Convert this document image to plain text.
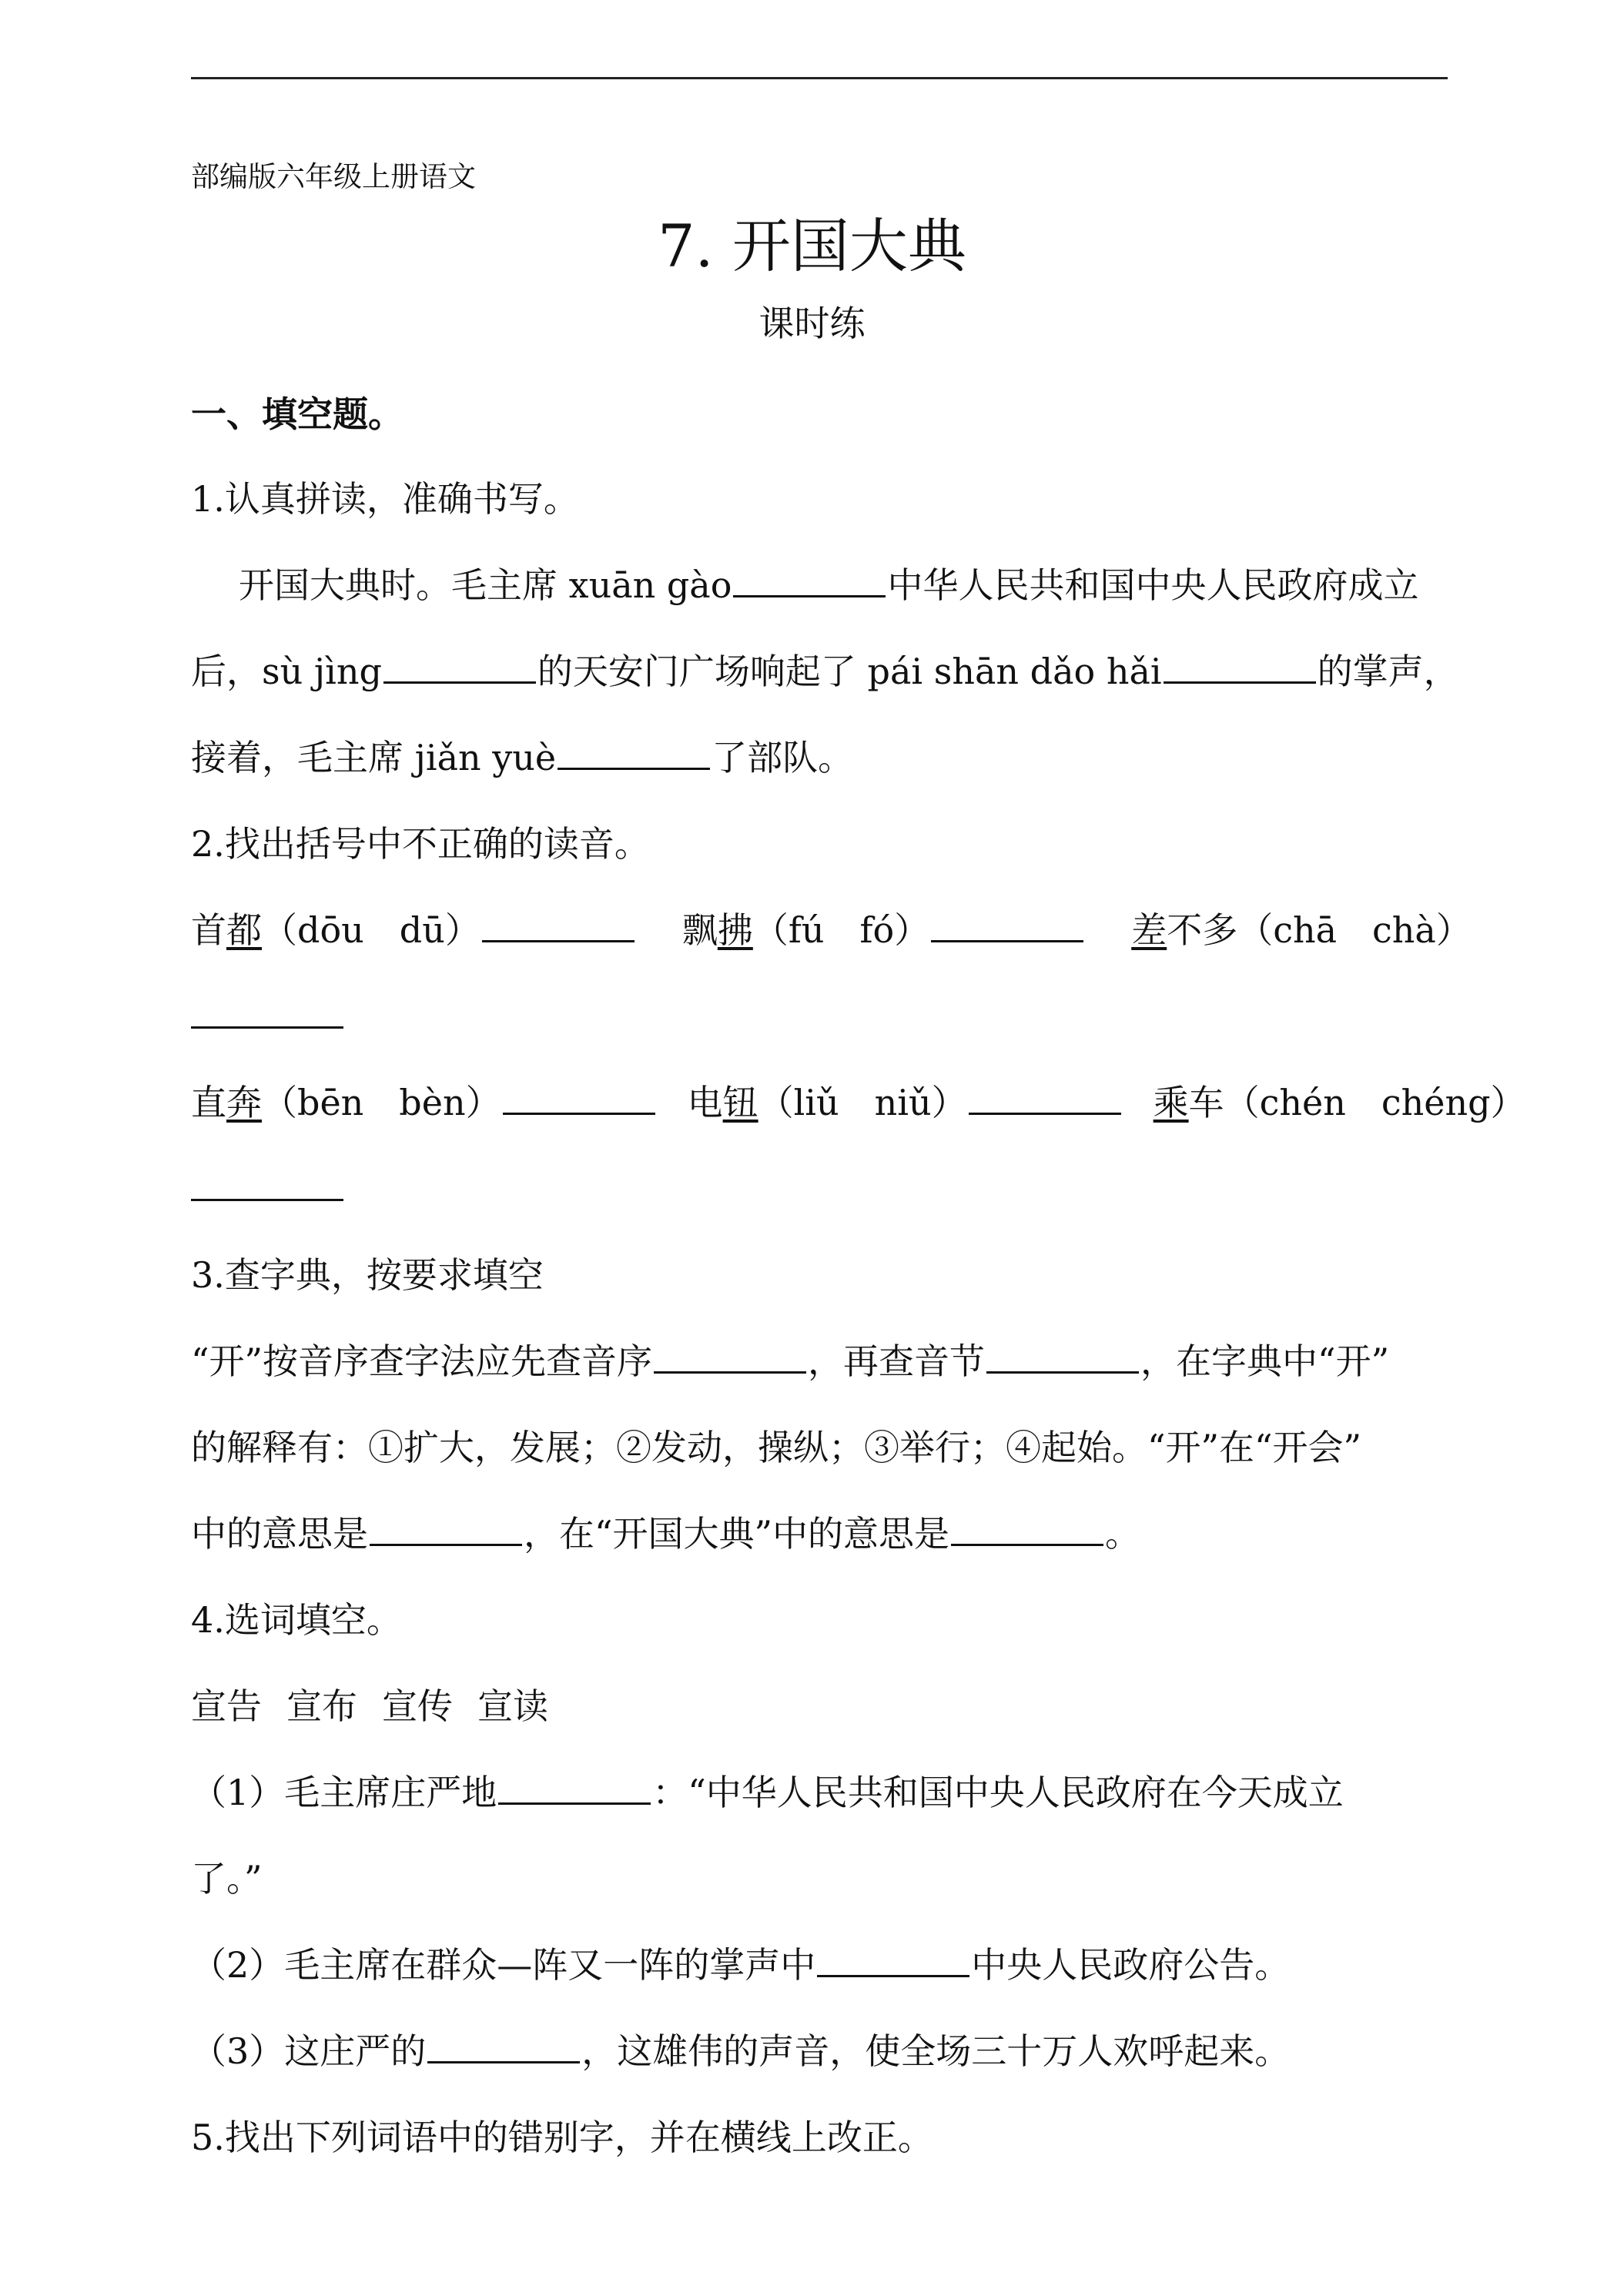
部编版六年级上册语文
7. 开国大典
课时练
一、填空题。
1.认真拼读，准确书写。
开国大典时。毛主席 xuān gào	中华人民共和国中央人民政府成立
后，sù jìng	的天安门广场响起了 pái shān dǎo hǎi	的掌声，
接着，毛主席 jiǎn yuè	了部队。
2.找出括号中不正确的读音。
首都（dōu　dū）	飘拂（fú　fó）	差不多（chā　chà）
直奔（bēn　bèn）	电钮（liǔ　niǔ）	乘车（chén　chéng）
3.查字典，按要求填空
“开”按音序查字法应先查音序	，再查音节	，在字典中“开”
的解释有：①扩大，发展；②发动，操纵；③举行；④起始。“开”在“开会”
中的意思是	，在“开国大典”中的意思是	。
4.选词填空。
宣告 宣布 宣传 宣读
（1）毛主席庄严地	：“中华人民共和国中央人民政府在今天成立
了。”
（2）毛主席在群众—阵又一阵的掌声中	中央人民政府公告。
（3）这庄严的	，这雄伟的声音，使全场三十万人欢呼起来。
5.找出下列词语中的错别字，并在横线上改正。
